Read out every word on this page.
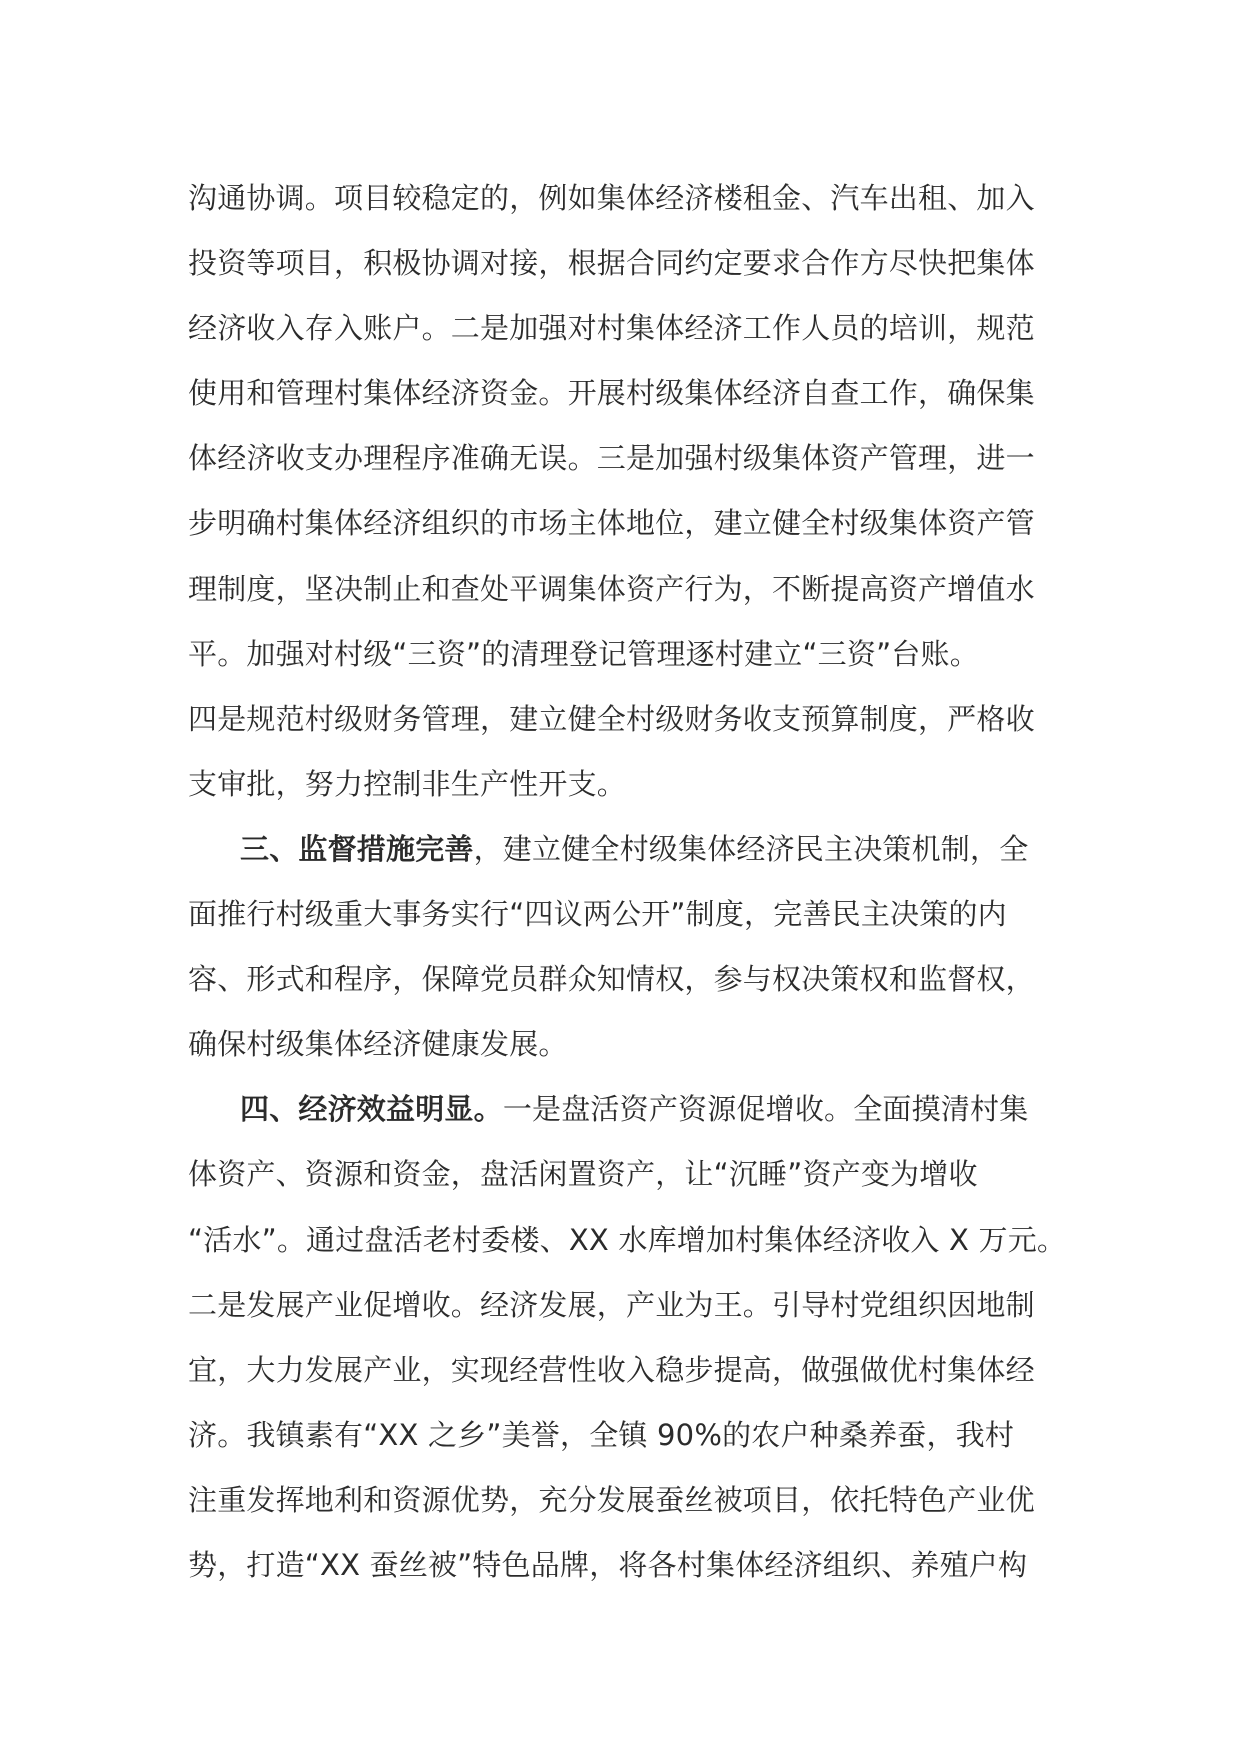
沟通协调。项目较稳定的，例如集体经济楼租金、汽车出租、加入
投资等项目，积极协调对接，根据合同约定要求合作方尽快把集体
经济收入存入账户。二是加强对村集体经济工作人员的培训，规范
使用和管理村集体经济资金。开展村级集体经济自查工作，确保集
体经济收支办理程序准确无误。三是加强村级集体资产管理，进一
步明确村集体经济组织的市场主体地位，建立健全村级集体资产管
理制度，坚决制止和查处平调集体资产行为，不断提高资产增值水
平。加强对村级“三资”的清理登记管理逐村建立“三资”台账。
四是规范村级财务管理，建立健全村级财务收支预算制度，严格收
支审批，努力控制非生产性开支。
三、监督措施完善，建立健全村级集体经济民主决策机制，全
面推行村级重大事务实行“四议两公开”制度，完善民主决策的内
容、形式和程序，保障党员群众知情权，参与权决策权和监督权，
确保村级集体经济健康发展。
四、经济效益明显。一是盘活资产资源促增收。全面摸清村集
体资产、资源和资金，盘活闲置资产，让“沉睡”资产变为增收
“活水”。通过盘活老村委楼、XX 水库增加村集体经济收入 X 万元。
二是发展产业促增收。经济发展，产业为王。引导村党组织因地制
宜，大力发展产业，实现经营性收入稳步提高，做强做优村集体经
济。我镇素有“XX 之乡”美誉，全镇 90%的农户种桑养蚕，我村
注重发挥地利和资源优势，充分发展蚕丝被项目，依托特色产业优
势，打造“XX 蚕丝被”特色品牌，将各村集体经济组织、养殖户构
